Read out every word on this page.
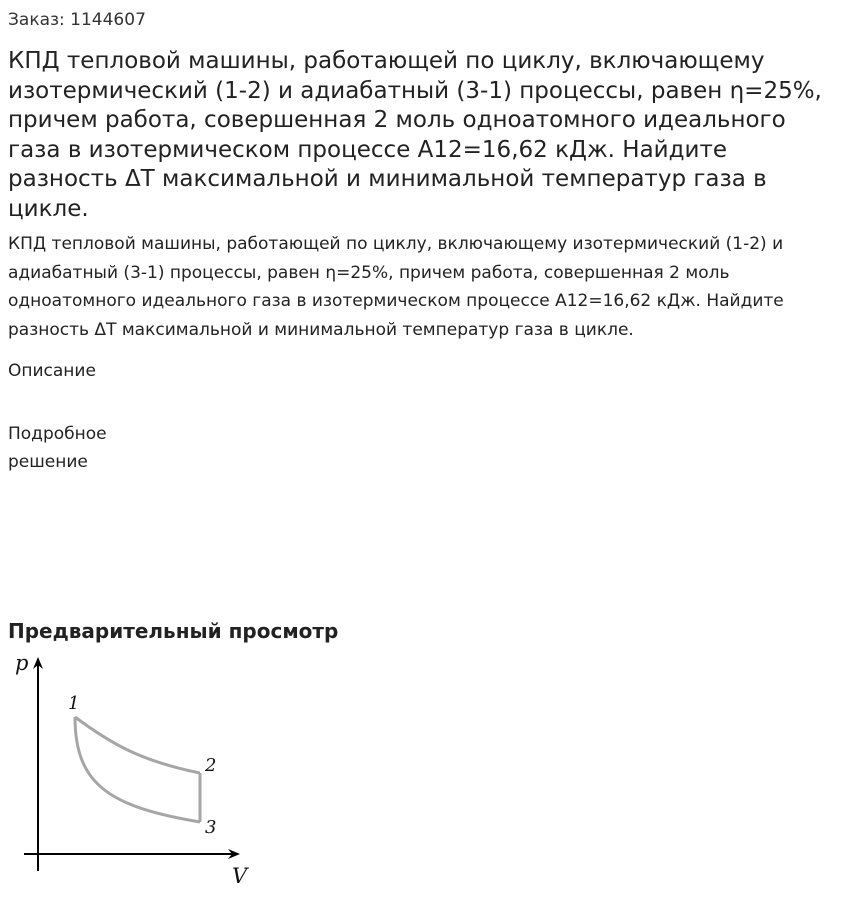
Заказ: 1144607
КПД тепловой машины, работающей по циклу, включающему изотермический (1-2) и адиабатный (3-1) процессы, равен η=25%, причем работа, совершенная 2 моль одноатомного идеального газа в изотермическом процессе A12=16,62 кДж. Найдите разность ΔT максимальной и минимальной температур газа в цикле.
КПД тепловой машины, работающей по циклу, включающему изотермический (1-2) и адиабатный (3-1) процессы, равен η=25%, причем работа, совершенная 2 моль одноатомного идеального газа в изотермическом процессе A12=16,62 кДж. Найдите разность ΔT максимальной и минимальной температур газа в цикле.
Описание
Подробное решение
Предварительный просмотр
p
V
1
2
3
